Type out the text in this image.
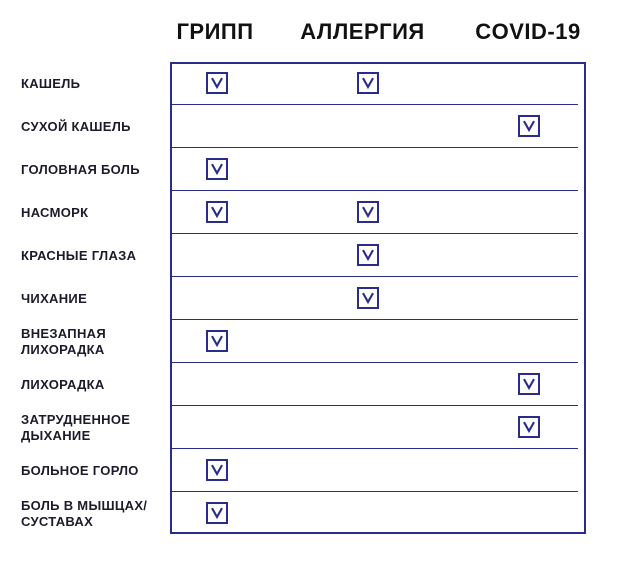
ГРИПП	АЛЛЕРГИЯ	COVID-19
КАШЕЛЬ
СУХОЙ КАШЕЛЬ
ГОЛОВНАЯ БОЛЬ
НАСМОРК
КРАСНЫЕ ГЛАЗА
ЧИХАНИЕ
ВНЕЗАПНАЯ
ЛИХОРАДКА
ЛИХОРАДКА
ЗАТРУДНЕННОЕ
ДЫХАНИЕ
БОЛЬНОЕ ГОРЛО
БОЛЬ В МЫШЦАХ/
СУСТАВАХ
